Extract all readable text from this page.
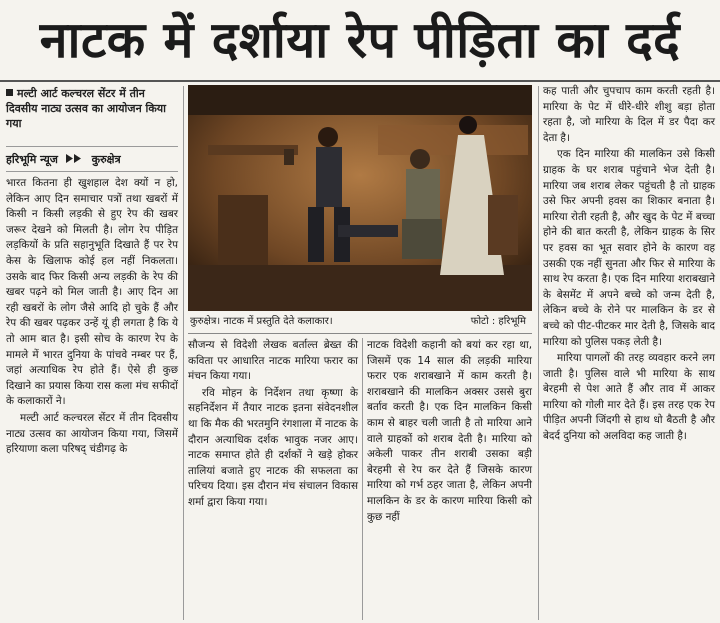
नाटक में दर्शाया रेप पीड़िता का दर्द
मल्टी आर्ट कल्चरल सेंटर में तीन दिवसीय नाट्य उत्सव का आयोजन किया गया
हरिभूमि न्यूज	कुरुक्षेत्र

भारत कितना ही खुशहाल देश क्यों न हो, लेकिन आए दिन समाचार पत्रों तथा खबरों में किसी न किसी लड़की से हुए रेप की खबर जरूर देखने को मिलती है। लोग रेप पीड़ित लड़कियों के प्रति सहानुभूति दिखाते हैं पर रेप केस के खिलाफ कोई हल नहीं निकलता। उसके बाद फिर किसी अन्य लड़की के रेप की खबर पढ़ने को मिल जाती है। आए दिन आ रही खबरों के लोग जैसे आदि हो चुके हैं और रेप की खबर पढ़कर उन्हें यूं ही लगता है कि ये तो आम बात है। इसी सोच के कारण रेप के मामले में भारत दुनिया के पांचवे नम्बर पर हैं, जहां अत्याधिक रेप होते हैं। ऐसे ही कुछ दिखाने का प्रयास किया रास कला मंच सफीदों के कलाकारों ने।

मल्टी आर्ट कल्चरल सेंटर में तीन दिवसीय नाट्य उत्सव का आयोजन किया गया, जिसमें हरियाणा कला परिषद् चंडीगढ़ के

कुरुक्षेत्र। नाटक में प्रस्तुति देते कलाकार।	फोटो : हरिभूमि

सौजन्य से विदेशी लेखक बर्ताल्त ब्रेख्त की कविता पर आधारित नाटक मारिया फरार का मंचन किया गया।

रवि मोहन के निर्देशन तथा कृष्णा के सहनिर्देशन में तैयार नाटक इतना संवेदनशील था कि मैक की भरतमुनि रंगशाला में नाटक के दौरान अत्याधिक दर्शक भावुक नजर आए। नाटक समाप्त होते ही दर्शकों ने खड़े होकर तालियां बजाते हुए नाटक की सफलता का परिचय दिया। इस दौरान मंच संचालन विकास शर्मा द्वारा किया गया।

नाटक विदेशी कहानी को बयां कर रहा था, जिसमें एक 14 साल की लड़की मारिया फरार एक शराबखाने में काम करती है। शराबखाने की मालकिन अक्सर उससे बुरा बर्ताव करती है। एक दिन मालकिन किसी काम से बाहर चली जाती है तो मारिया आने वाले ग्राहकों को शराब देती है। मारिया को अकेली पाकर तीन शराबी उसका बड़ी बेरहमी से रेप कर देते हैं जिसके कारण मारिया को गर्भ ठहर जाता है, लेकिन अपनी मालकिन के डर के कारण मारिया किसी को कुछ नहीं

कह पाती और चुपचाप काम करती रहती है। मारिया के पेट में धीरे-धीरे शीशु बड़ा होता रहता है, जो मारिया के दिल में डर पैदा कर देता है।

एक दिन मारिया की मालकिन उसे किसी ग्राहक के घर शराब पहुंचाने भेज देती है। मारिया जब शराब लेकर पहुंचती है तो ग्राहक उसे फिर अपनी हवस का शिकार बनाता है। मारिया रोती रहती है, और खुद के पेट में बच्चा होने की बात करती है, लेकिन ग्राहक के सिर पर हवस का भूत सवार होने के कारण वह उसकी एक नहीं सुनता और फिर से मारिया के साथ रेप करता है। एक दिन मारिया शराबखाने के बेसमेंट में अपने बच्चे को जन्म देती है, लेकिन बच्चे के रोने पर मालकिन के डर से बच्चे को पीट-पीटकर मार देती है, जिसके बाद मारिया को पुलिस पकड़ लेती है।

मारिया पागलों की तरह व्यवहार करने लग जाती है। पुलिस वाले भी मारिया के साथ बेरहमी से पेश आते हैं और ताव में आकर मारिया को गोली मार देते हैं। इस तरह एक रेप पीड़ित अपनी जिंदगी से हाथ धो बैठती है और बेदर्द दुनिया को अलविदा कह जाती है।
